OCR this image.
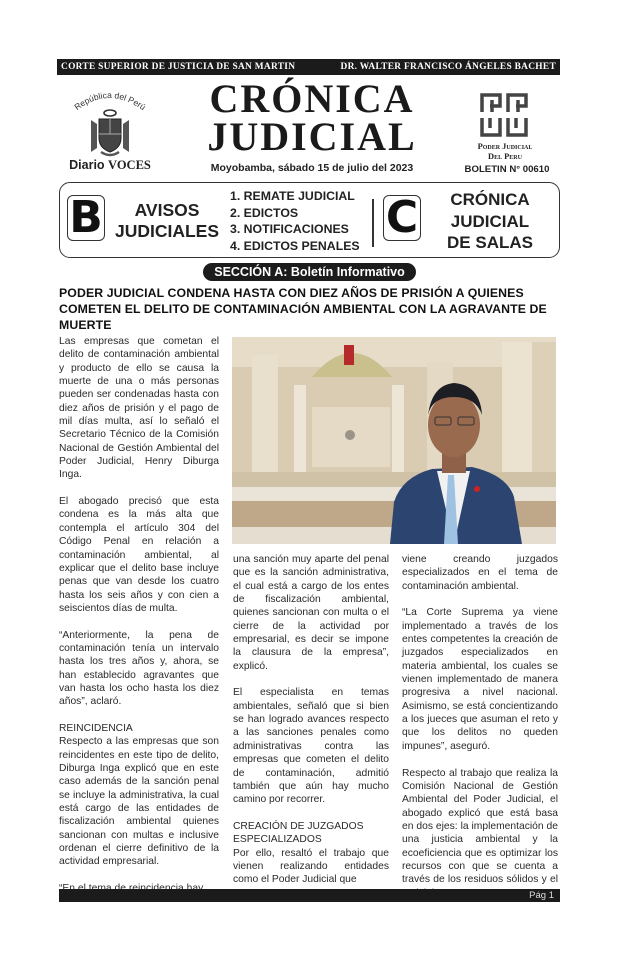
CORTE SUPERIOR DE JUSTICIA DE SAN MARTIN	DR. WALTER FRANCISCO ÁNGELES BACHET
República del Perú
Diario VOCES
CRÓNICA
JUDICIAL
Moyobamba, sábado 15 de julio del 2023
Poder Judicial
Del Peru
BOLETIN N° 00610
B	AVISOS
JUDICIALES
1. REMATE JUDICIAL
2. EDICTOS
3. NOTIFICACIONES
4. EDICTOS PENALES
C	CRÓNICA
JUDICIAL
DE SALAS
SECCIÓN A: Boletín Informativo
PODER JUDICIAL CONDENA HASTA CON DIEZ AÑOS DE PRISIÓN A QUIENES COMETEN EL DELITO DE CONTAMINACIÓN AMBIENTAL CON LA AGRAVANTE DE MUERTE

Las empresas que cometan el delito de contaminación ambiental y producto de ello se causa la muerte de una o más personas pueden ser condenadas hasta con diez años de prisión y el pago de mil días multa, así lo señaló el Secretario Técnico de la Comisión Nacional de Gestión Ambiental del Poder Judicial, Henry Diburga Inga.

El abogado precisó que esta condena es la más alta que contempla el artículo 304 del Código Penal en relación a contaminación ambiental, al explicar que el delito base incluye penas que van desde los cuatro hasta los seis años y con cien a seiscientos días de multa.

“Anteriormente, la pena de contaminación tenía un intervalo hasta los tres años y, ahora, se han establecido agravantes que van hasta los ocho hasta los diez años”, aclaró.

REINCIDENCIA

Respecto a las empresas que son reincidentes en este tipo de delito, Diburga Inga explicó que en este caso además de la sanción penal se incluye la administrativa, la cual está cargo de las entidades de fiscalización ambiental quienes sancionan con multas e inclusive ordenan el cierre definitivo de la actividad empresarial.

una sanción muy aparte del penal que es la sanción administrativa, el cual está a cargo de los entes de fiscalización ambiental, quienes sancionan con multa o el cierre de la actividad por empresarial, es decir se impone la clausura de la empresa”, explicó.

El especialista en temas ambientales, señaló que si bien se han logrado avances respecto a las sanciones penales como administrativas contra las empresas que cometen el delito de contaminación, admitió también que aún hay mucho camino por recorrer.

CREACIÓN DE JUZGADOS
ESPECIALIZADOS

Por ello, resaltó el trabajo que vienen realizando entidades como el Poder Judicial que

viene creando juzgados especializados en el tema de contaminación ambiental.

“La Corte Suprema ya viene implementado a través de los entes competentes la creación de juzgados especializados en materia ambiental, los cuales se vienen implementado de manera progresiva a nivel nacional. Asimismo, se está concientizando a los jueces que asuman el reto y que los delitos no queden impunes”, aseguró.

Respecto al trabajo que realiza la Comisión Nacional de Gestión Ambiental del Poder Judicial, el abogado explicó que está basa en dos ejes: la implementación de una justicia ambiental y la ecoeficiencia que es optimizar los recursos con que se cuenta a través de los residuos sólidos y el

Pág 1
